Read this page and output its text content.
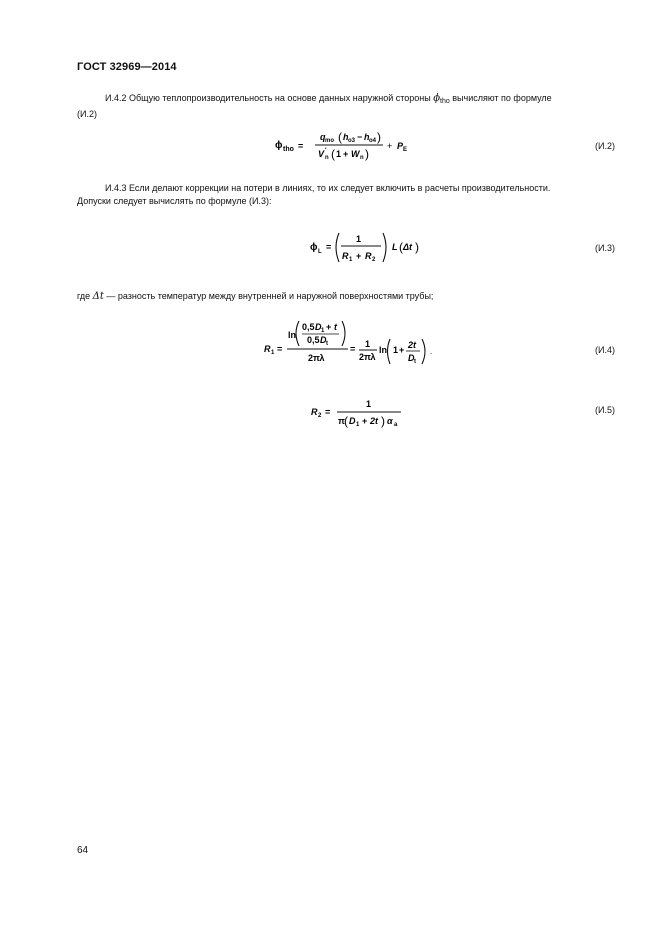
ГОСТ 32969—2014
И.4.2 Общую теплопроизводительность на основе данных наружной стороны $\phi_{tho}$ вычисляют по формуле
(И.2)
ϕ tho =
q mo ( h o3 − h o4 )
V ′
n ( 1 + W n )
+ P E	(И.2)
И.4.3 Если делают коррекции на потери в линиях, то их следует включить в расчеты производительности.
Допуски следует вычислять по формуле (И.3):
ϕ L =
1
R 1 + R 2
L ( Δt )	(И.3)
где Δt — разность температур между внутренней и наружной поверхностями трубы;
R 1 =
ln
0,5 D 1 + t
0,5 D t
2πλ
= 1
2πλ
ln 1 + 2t
D t
.	(И.4)
R 2 =
1
π ( D 1 + 2t ) α a
(И.5)
64
